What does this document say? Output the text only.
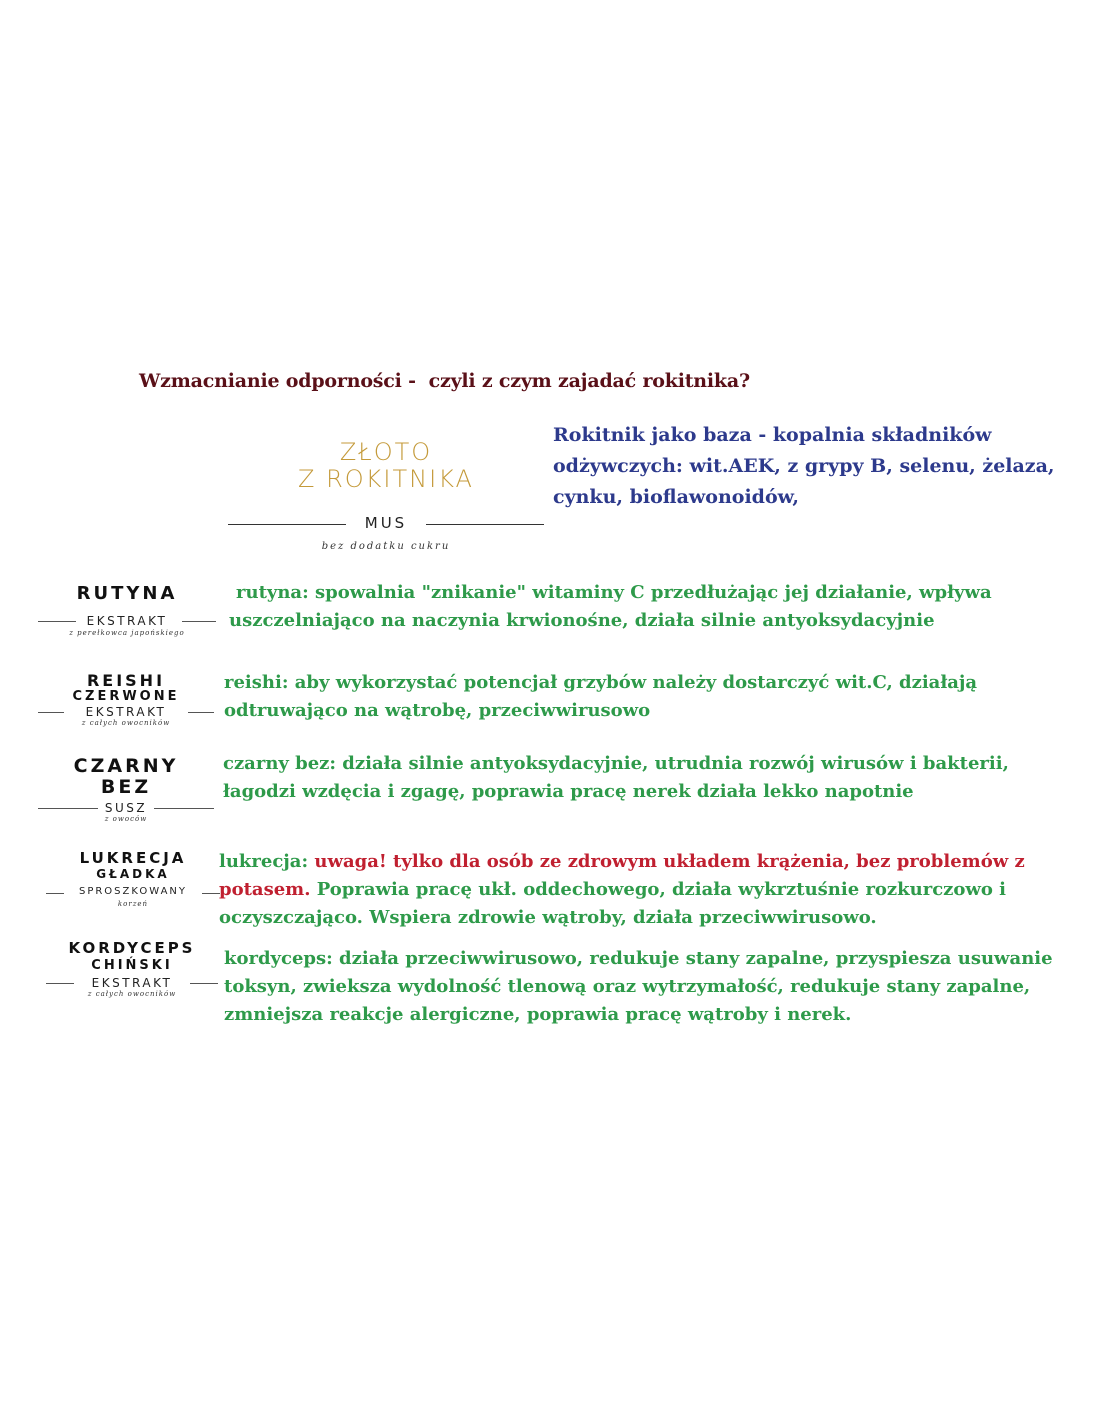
Wzmacnianie odporności -  czyli z czym zajadać rokitnika?
ZŁOTO
Z ROKITNIKA
MUS
bez dodatku cukru
Rokitnik jako baza - kopalnia składników odżywczych: wit.AEK, z grypy B, selenu, żelaza, cynku, bioflawonoidów,
RUTYNA
EKSTRAKT
z perełkowca japońskiego
rutyna: spowalnia "znikanie" witaminy C przedłużając jej działanie, wpływa uszczelniająco na naczynia krwionośne, działa silnie antyoksydacyjnie
REISHI
CZERWONE
EKSTRAKT
z całych owocników
reishi: aby wykorzystać potencjał grzybów należy dostarczyć wit.C, działają odtruwająco na wątrobę, przeciwwirusowo
CZARNY
BEZ
SUSZ
z owoców
czarny bez: działa silnie antyoksydacyjnie, utrudnia rozwój wirusów i bakterii, łagodzi wzdęcia i zgagę, poprawia pracę nerek działa lekko napotnie
LUKRECJA
GŁADKA
SPROSZKOWANY
korzeń
lukrecja: uwaga! tylko dla osób ze zdrowym układem krążenia, bez problemów z potasem. Poprawia pracę ukł. oddechowego, działa wykrztuśnie rozkurczowo i oczyszczająco. Wspiera zdrowie wątroby, działa przeciwwirusowo.
KORDYCEPS
CHIŃSKI
EKSTRAKT
z całych owocników
kordyceps: działa przeciwwirusowo, redukuje stany zapalne, przyspiesza usuwanie toksyn, zwieksza wydolność tlenową oraz wytrzymałość, redukuje stany zapalne, zmniejsza reakcje alergiczne, poprawia pracę wątroby i nerek.
